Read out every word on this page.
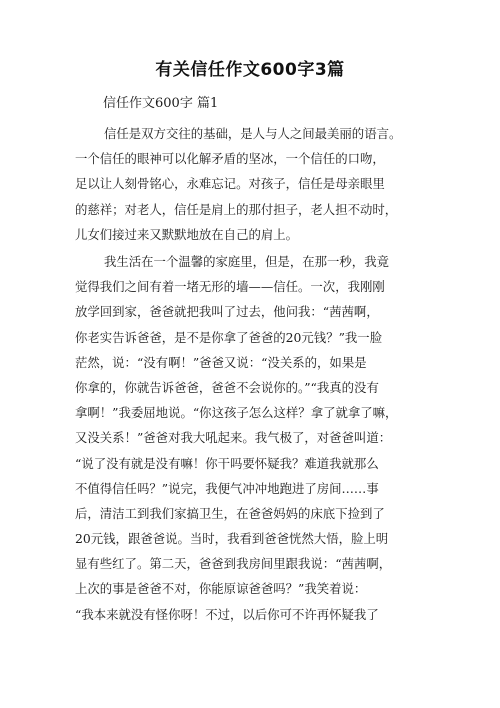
有关信任作文600字3篇
信任作文600字 篇1
信任是双方交往的基础，是人与人之间最美丽的语言。
一个信任的眼神可以化解矛盾的坚冰，一个信任的口吻，
足以让人刻骨铭心，永难忘记。对孩子，信任是母亲眼里
的慈祥；对老人，信任是肩上的那付担子，老人担不动时，
儿女们接过来又默默地放在自己的肩上。
我生活在一个温馨的家庭里，但是，在那一秒，我竟
觉得我们之间有着一堵无形的墙——信任。一次，我刚刚
放学回到家，爸爸就把我叫了过去，他问我：“茜茜啊，
你老实告诉爸爸，是不是你拿了爸爸的20元钱？”我一脸
茫然，说：“没有啊！”爸爸又说：“没关系的，如果是
你拿的，你就告诉爸爸，爸爸不会说你的。”“我真的没有
拿啊！”我委屈地说。“你这孩子怎么这样？拿了就拿了嘛，
又没关系！”爸爸对我大吼起来。我气极了，对爸爸叫道：
“说了没有就是没有嘛！你干吗要怀疑我？难道我就那么
不值得信任吗？”说完，我便气冲冲地跑进了房间……事
后，清洁工到我们家搞卫生，在爸爸妈妈的床底下捡到了
20元钱，跟爸爸说。当时，我看到爸爸恍然大悟，脸上明
显有些红了。第二天，爸爸到我房间里跟我说：“茜茜啊，
上次的事是爸爸不对，你能原谅爸爸吗？”我笑着说：
“我本来就没有怪你呀！不过，以后你可不许再怀疑我了
